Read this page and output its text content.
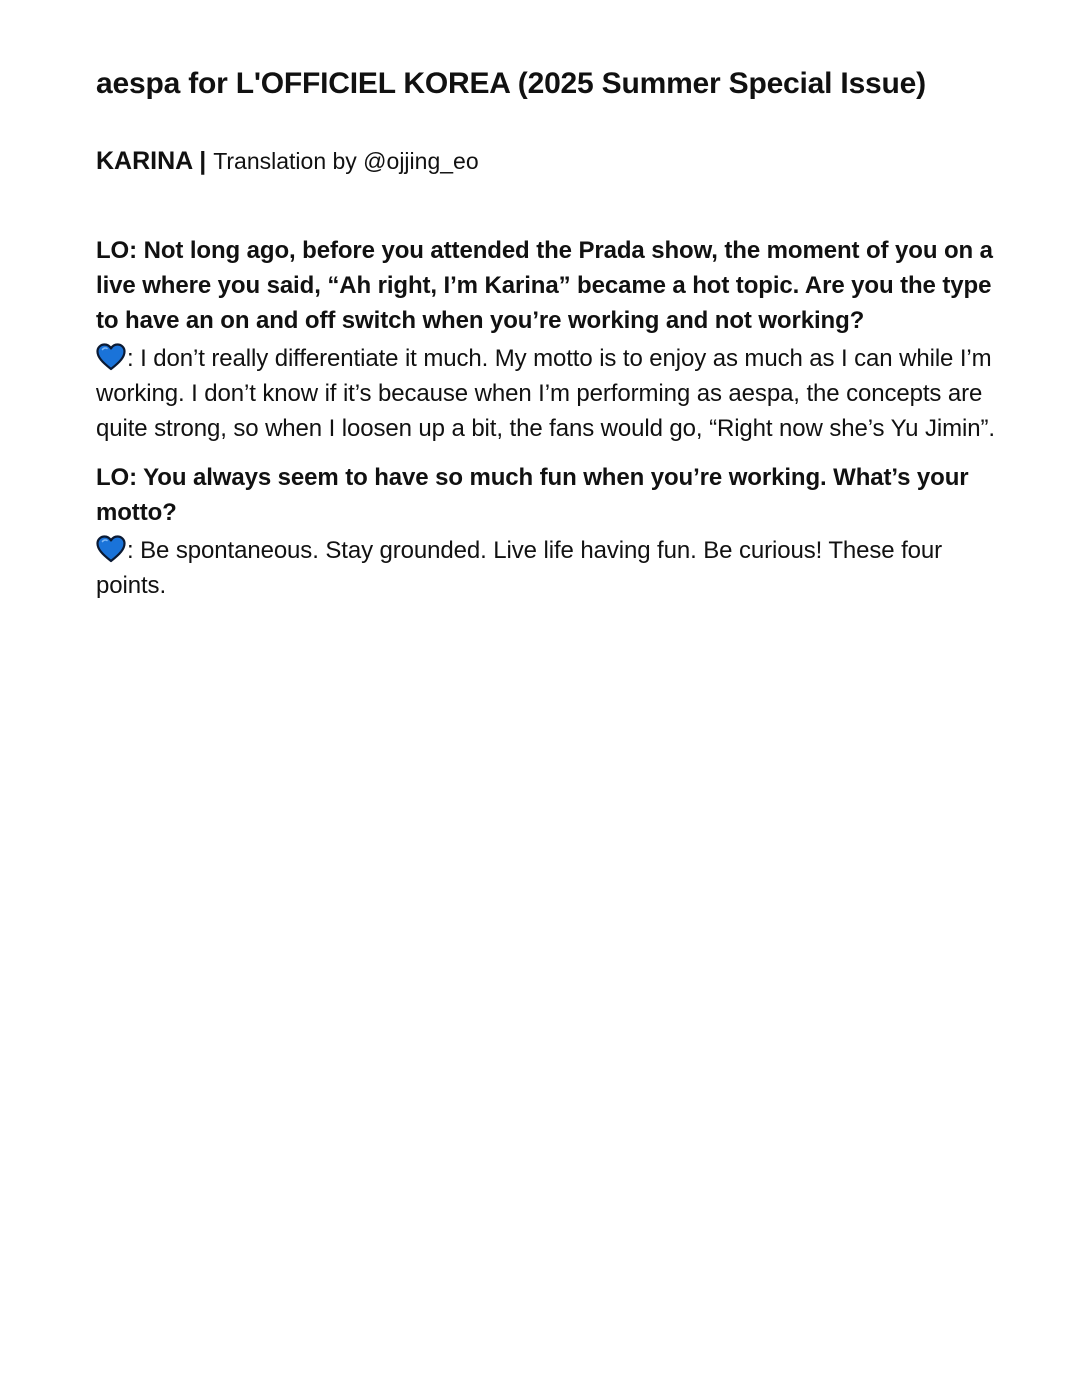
aespa for L'OFFICIEL KOREA (2025 Summer Special Issue)

KARINA | Translation by @ojjing_eo

LO: Not long ago, before you attended the Prada show, the moment of you on a live where you said, “Ah right, I’m Karina” became a hot topic. Are you the type to have an on and off switch when you’re working and not working?

: I don’t really differentiate it much. My motto is to enjoy as much as I can while I’m working. I don’t know if it’s because when I’m performing as aespa, the concepts are quite strong, so when I loosen up a bit, the fans would go, “Right now she’s Yu Jimin”.

LO: You always seem to have so much fun when you’re working. What’s your motto?

: Be spontaneous. Stay grounded. Live life having fun. Be curious! These four points.
